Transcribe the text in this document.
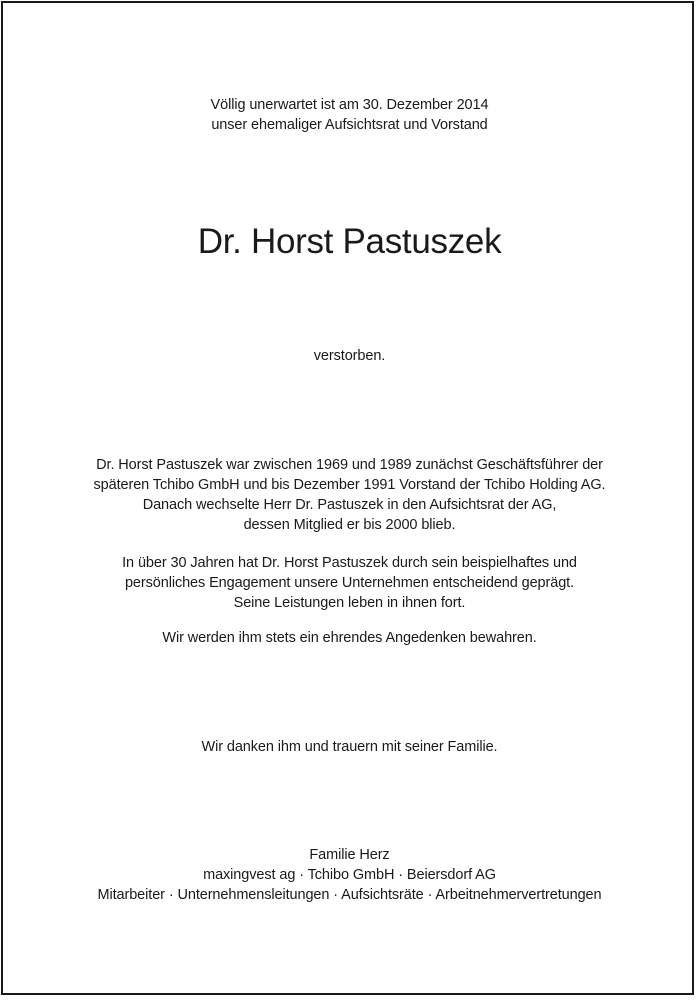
Völlig unerwartet ist am 30. Dezember 2014
unser ehemaliger Aufsichtsrat und Vorstand
Dr. Horst Pastuszek
verstorben.
Dr. Horst Pastuszek war zwischen 1969 und 1989 zunächst Geschäftsführer der
späteren Tchibo GmbH und bis Dezember 1991 Vorstand der Tchibo Holding AG.
Danach wechselte Herr Dr. Pastuszek in den Aufsichtsrat der AG,
dessen Mitglied er bis 2000 blieb.
In über 30 Jahren hat Dr. Horst Pastuszek durch sein beispielhaftes und
persönliches Engagement unsere Unternehmen entscheidend geprägt.
Seine Leistungen leben in ihnen fort.
Wir werden ihm stets ein ehrendes Angedenken bewahren.
Wir danken ihm und trauern mit seiner Familie.
Familie Herz
maxingvest ag · Tchibo GmbH · Beiersdorf AG
Mitarbeiter · Unternehmensleitungen · Aufsichtsräte · Arbeitnehmervertretungen
